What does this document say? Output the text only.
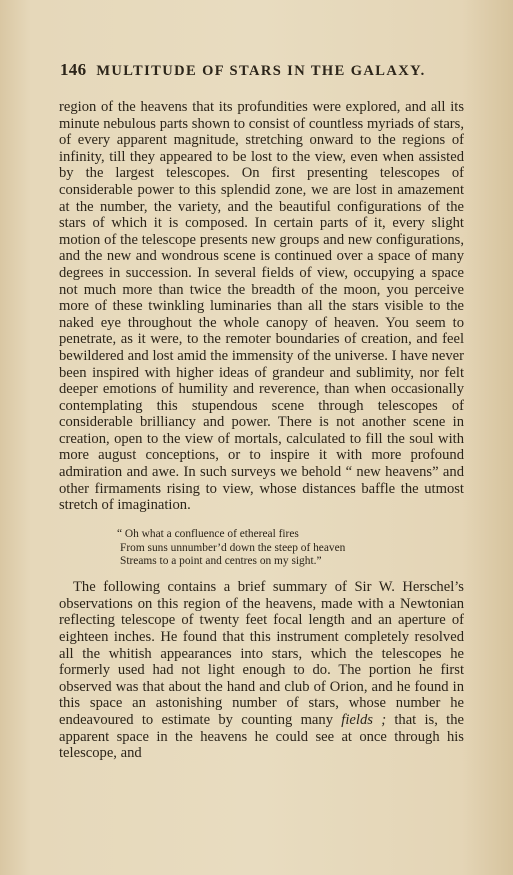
146 MULTITUDE OF STARS IN THE GALAXY.

region of the heavens that its profundities were explored, and all its minute nebulous parts shown to consist of countless myriads of stars, of every apparent magnitude, stretching onward to the regions of infinity, till they appeared to be lost to the view, even when assisted by the largest telescopes. On first presenting telescopes of considerable power to this splendid zone, we are lost in amazement at the number, the variety, and the beautiful configurations of the stars of which it is composed. In certain parts of it, every slight motion of the telescope presents new groups and new configurations, and the new and wondrous scene is continued over a space of many degrees in succession. In several fields of view, occupying a space not much more than twice the breadth of the moon, you perceive more of these twinkling luminaries than all the stars visible to the naked eye throughout the whole canopy of heaven. You seem to penetrate, as it were, to the remoter boundaries of creation, and feel bewildered and lost amid the immensity of the universe. I have never been inspired with higher ideas of grandeur and sublimity, nor felt deeper emotions of humility and reverence, than when occasionally contemplating this stupendous scene through telescopes of considerable brilliancy and power. There is not another scene in creation, open to the view of mortals, calculated to fill the soul with more august conceptions, or to inspire it with more profound admiration and awe. In such surveys we behold “ new heavens” and other firmaments rising to view, whose distances baffle the utmost stretch of imagination.

“ Oh what a confluence of ethereal fires
From suns unnumber’d down the steep of heaven
Streams to a point and centres on my sight.”

The following contains a brief summary of Sir W. Herschel’s observations on this region of the heavens, made with a Newtonian reflecting telescope of twenty feet focal length and an aperture of eighteen inches. He found that this instrument completely resolved all the whitish appearances into stars, which the telescopes he formerly used had not light enough to do. The portion he first observed was that about the hand and club of Orion, and he found in this space an astonishing number of stars, whose number he endeavoured to estimate by counting many fields ; that is, the apparent space in the heavens he could see at once through his telescope, and
